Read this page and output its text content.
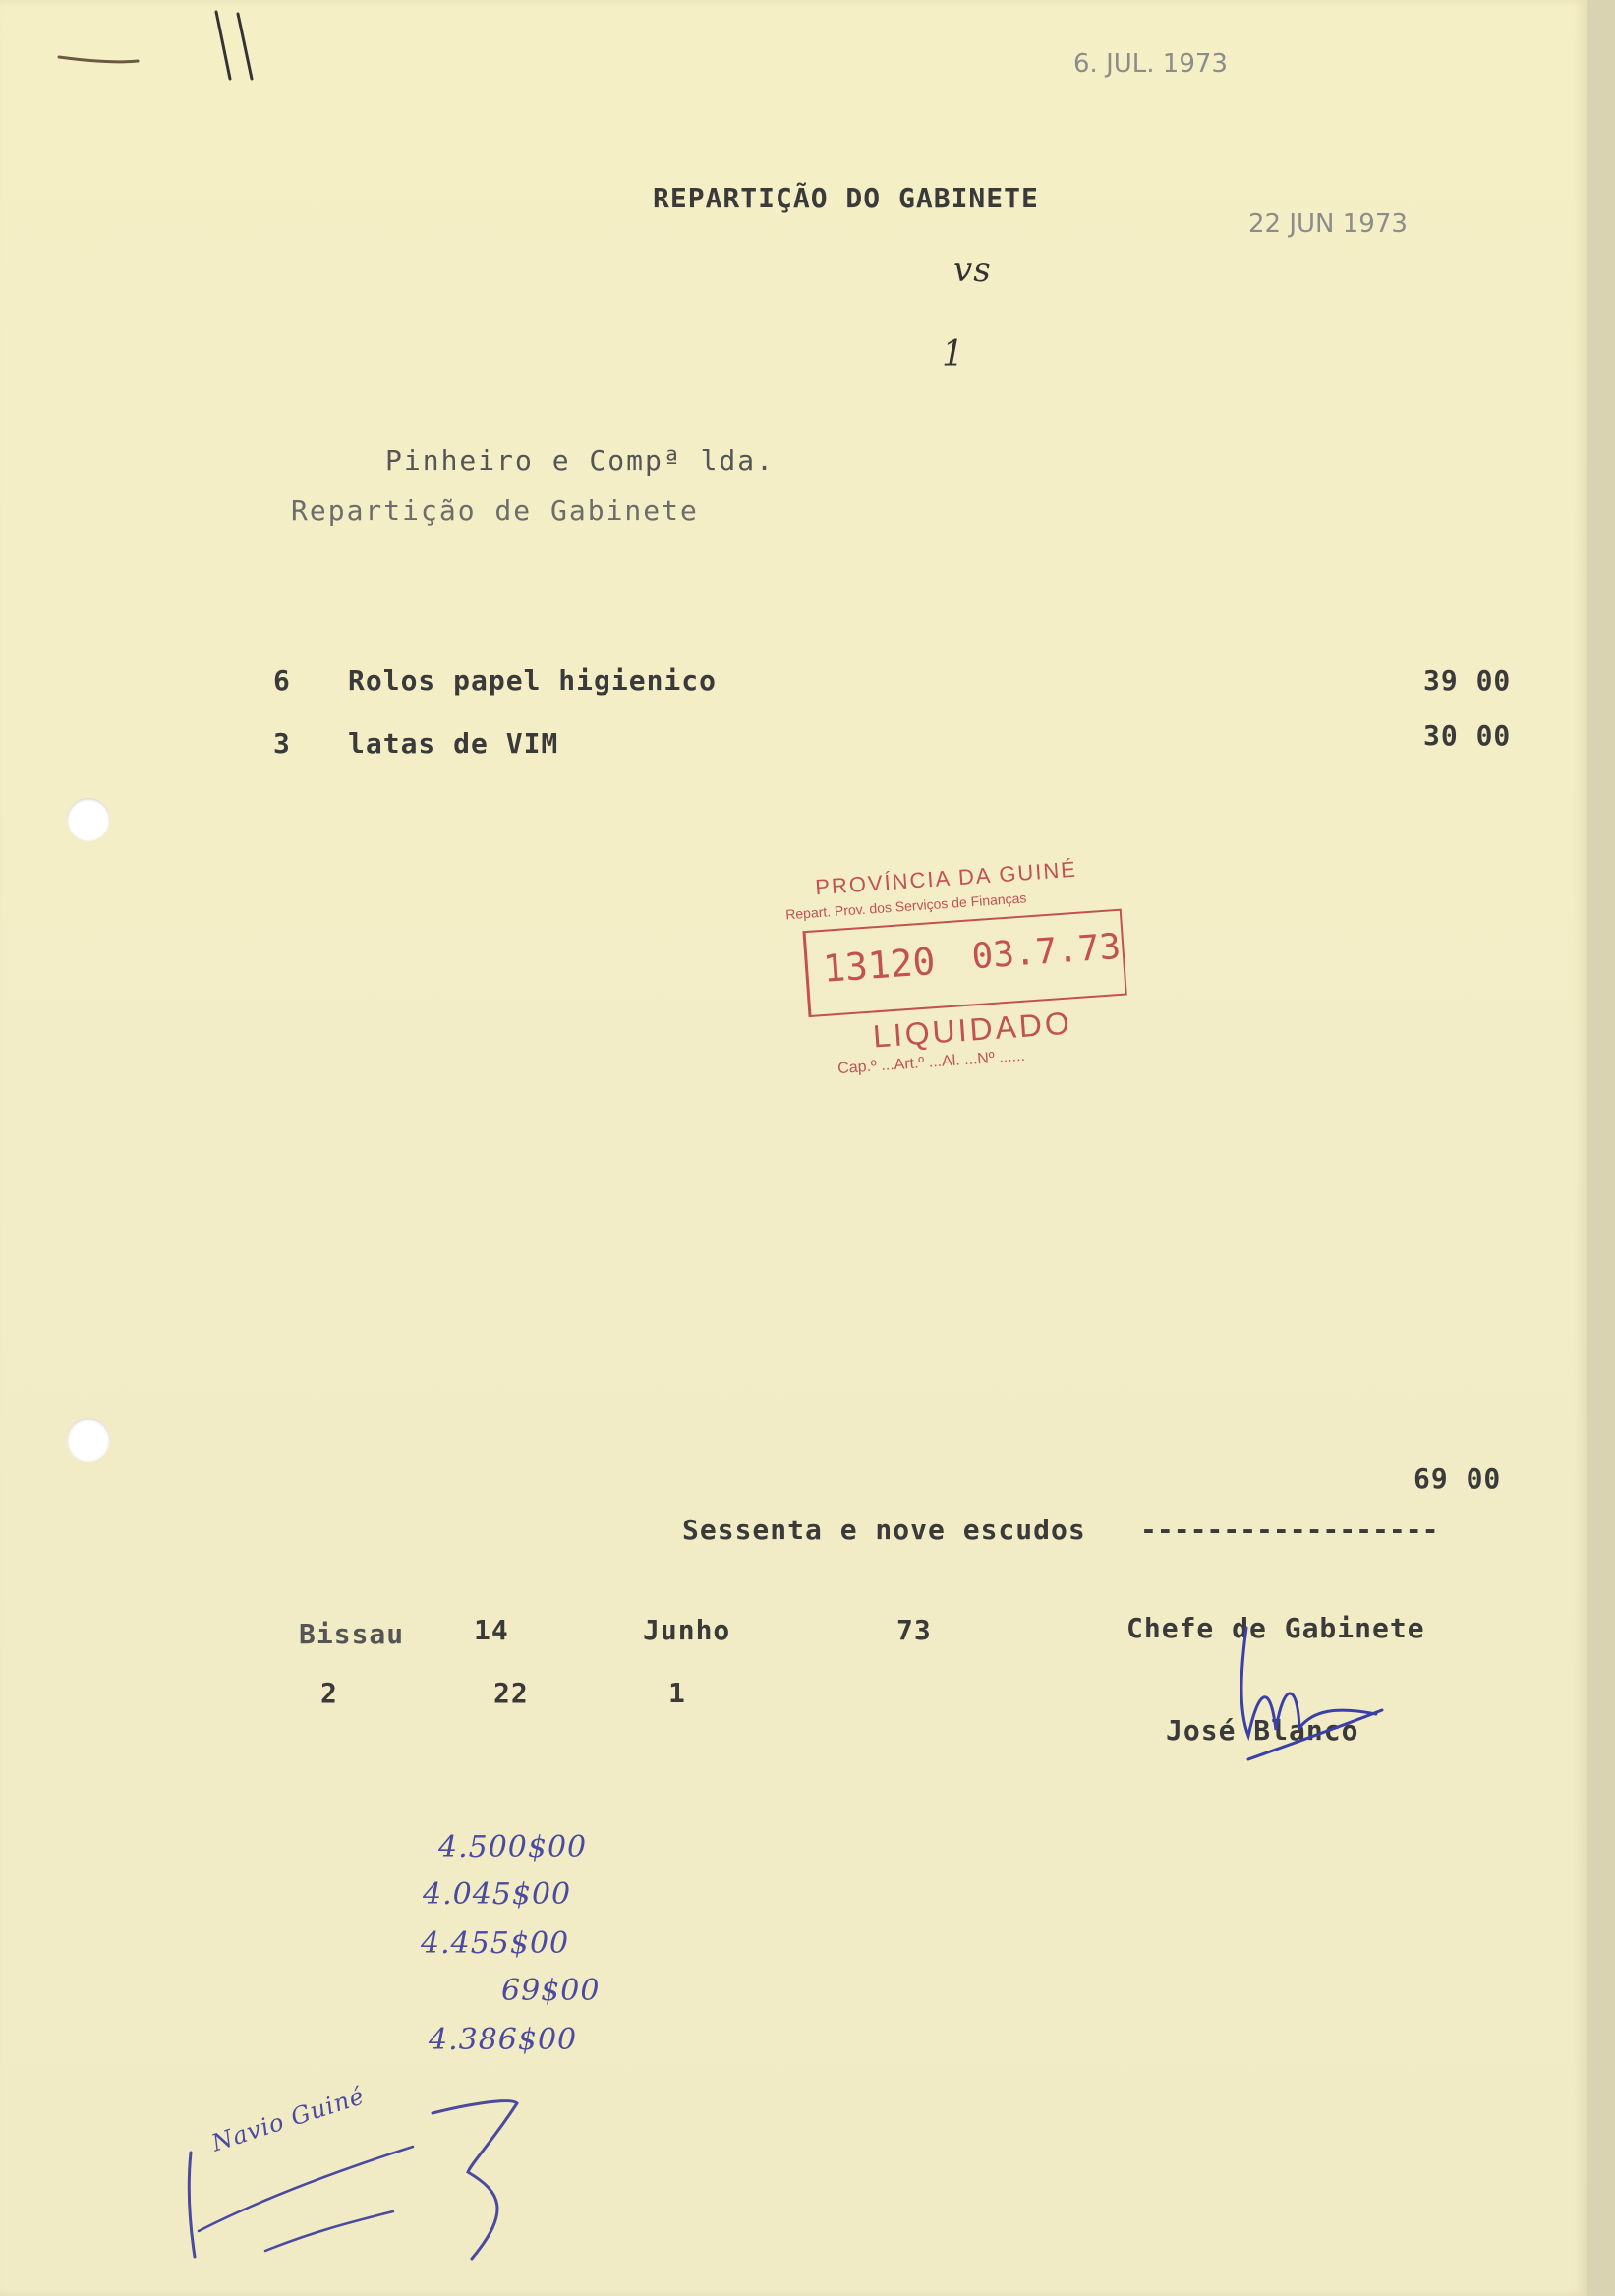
6. JUL. 1973
22 JUN 1973
REPARTIÇÃO DO GABINETE
vs
1
Pinheiro e Compª lda.
Repartição de Gabinete
6 Rolos papel higienico	39 00
3 latas de VIM	30 00
PROVÍNCIA DA GUINÉ
Repart. Prov. dos Serviços de Finanças
13120 03.7.73
LIQUIDADO
Cap.º ...Art.º ...Al. ...Nº ......
69 00
Sessenta e nove escudos ------------------
Bissau	14	Junho	73	Chefe de Gabinete
2	22	1
José Blanco
4.500$00
4.045$00
4.455$00
69$00
4.386$00
Navio Guiné
